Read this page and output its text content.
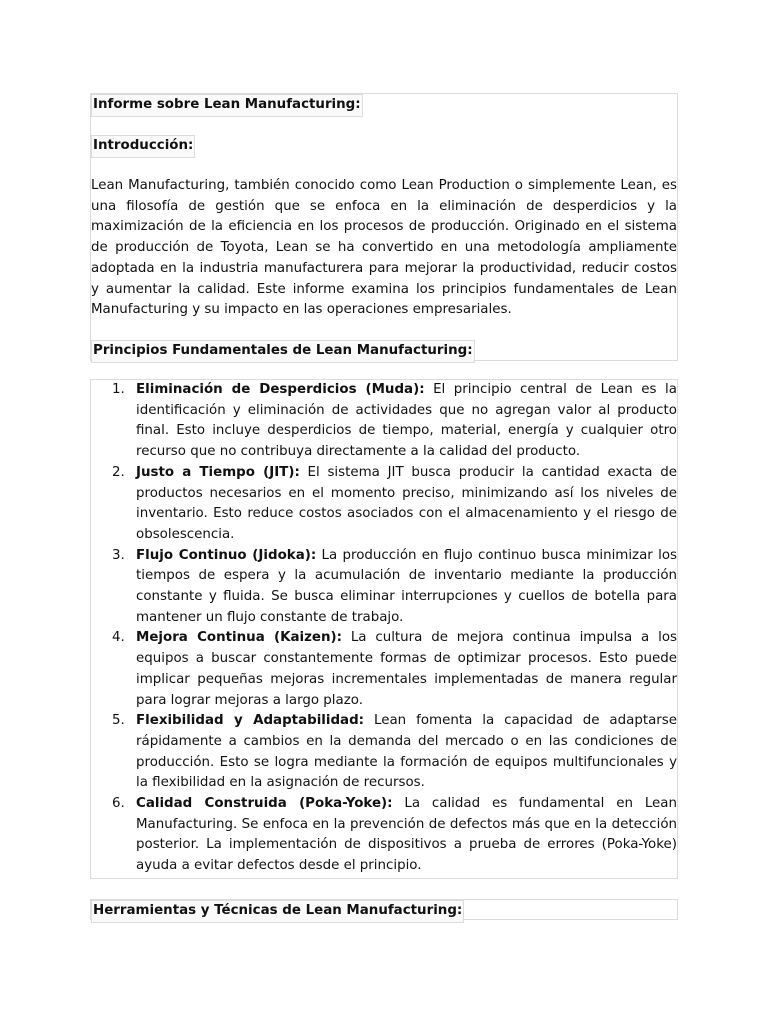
Informe sobre Lean Manufacturing:
Introducción:

Lean Manufacturing, también conocido como Lean Production o simplemente Lean, es una filosofía de gestión que se enfoca en la eliminación de desperdicios y la maximización de la eficiencia en los procesos de producción. Originado en el sistema de producción de Toyota, Lean se ha convertido en una metodología ampliamente adoptada en la industria manufacturera para mejorar la productividad, reducir costos y aumentar la calidad. Este informe examina los principios fundamentales de Lean Manufacturing y su impacto en las operaciones empresariales.

Principios Fundamentales de Lean Manufacturing:
1. Eliminación de Desperdicios (Muda): El principio central de Lean es la identificación y eliminación de actividades que no agregan valor al producto final. Esto incluye desperdicios de tiempo, material, energía y cualquier otro recurso que no contribuya directamente a la calidad del producto.
2. Justo a Tiempo (JIT): El sistema JIT busca producir la cantidad exacta de productos necesarios en el momento preciso, minimizando así los niveles de inventario. Esto reduce costos asociados con el almacenamiento y el riesgo de obsolescencia.
3. Flujo Continuo (Jidoka): La producción en flujo continuo busca minimizar los tiempos de espera y la acumulación de inventario mediante la producción constante y fluida. Se busca eliminar interrupciones y cuellos de botella para mantener un flujo constante de trabajo.
4. Mejora Continua (Kaizen): La cultura de mejora continua impulsa a los equipos a buscar constantemente formas de optimizar procesos. Esto puede implicar pequeñas mejoras incrementales implementadas de manera regular para lograr mejoras a largo plazo.
5. Flexibilidad y Adaptabilidad: Lean fomenta la capacidad de adaptarse rápidamente a cambios en la demanda del mercado o en las condiciones de producción. Esto se logra mediante la formación de equipos multifuncionales y la flexibilidad en la asignación de recursos.
6. Calidad Construida (Poka-Yoke): La calidad es fundamental en Lean Manufacturing. Se enfoca en la prevención de defectos más que en la detección posterior. La implementación de dispositivos a prueba de errores (Poka-Yoke) ayuda a evitar defectos desde el principio.
Herramientas y Técnicas de Lean Manufacturing:
